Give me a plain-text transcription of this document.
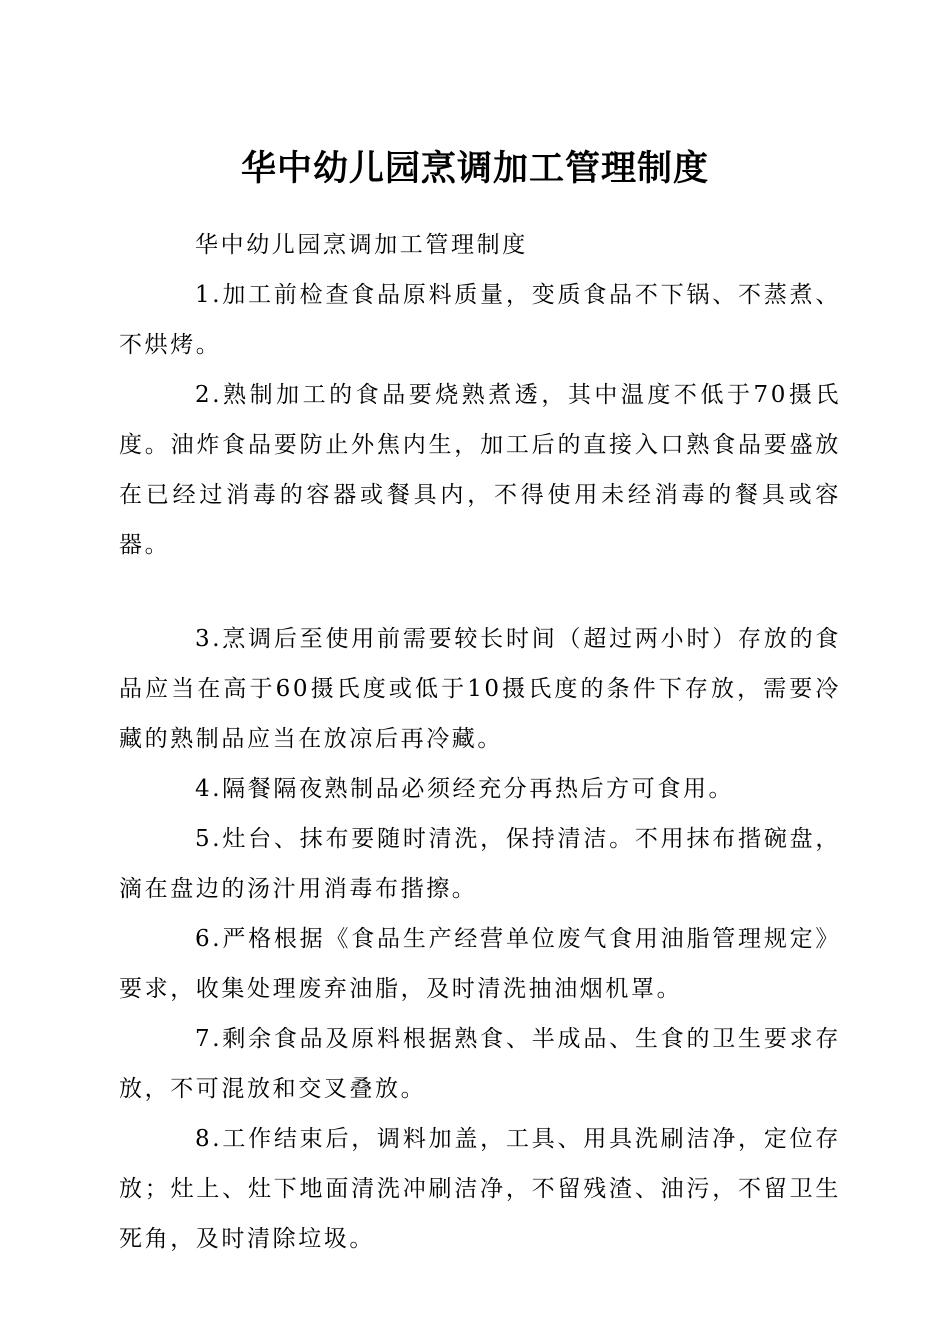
华中幼儿园烹调加工管理制度

华中幼儿园烹调加工管理制度

1.加工前检查食品原料质量，变质食品不下锅、不蒸煮、不烘烤。

2.熟制加工的食品要烧熟煮透，其中温度不低于70摄氏度。油炸食品要防止外焦内生，加工后的直接入口熟食品要盛放在已经过消毒的容器或餐具内，不得使用未经消毒的餐具或容器。

3.烹调后至使用前需要较长时间（超过两小时）存放的食品应当在高于60摄氏度或低于10摄氏度的条件下存放，需要冷藏的熟制品应当在放凉后再冷藏。

4.隔餐隔夜熟制品必须经充分再热后方可食用。

5.灶台、抹布要随时清洗，保持清洁。不用抹布揩碗盘，滴在盘边的汤汁用消毒布揩擦。

6.严格根据《食品生产经营单位废气食用油脂管理规定》要求，收集处理废弃油脂，及时清洗抽油烟机罩。

7.剩余食品及原料根据熟食、半成品、生食的卫生要求存放，不可混放和交叉叠放。

8.工作结束后，调料加盖，工具、用具洗刷洁净，定位存放；灶上、灶下地面清洗冲刷洁净，不留残渣、油污，不留卫生死角，及时清除垃圾。
